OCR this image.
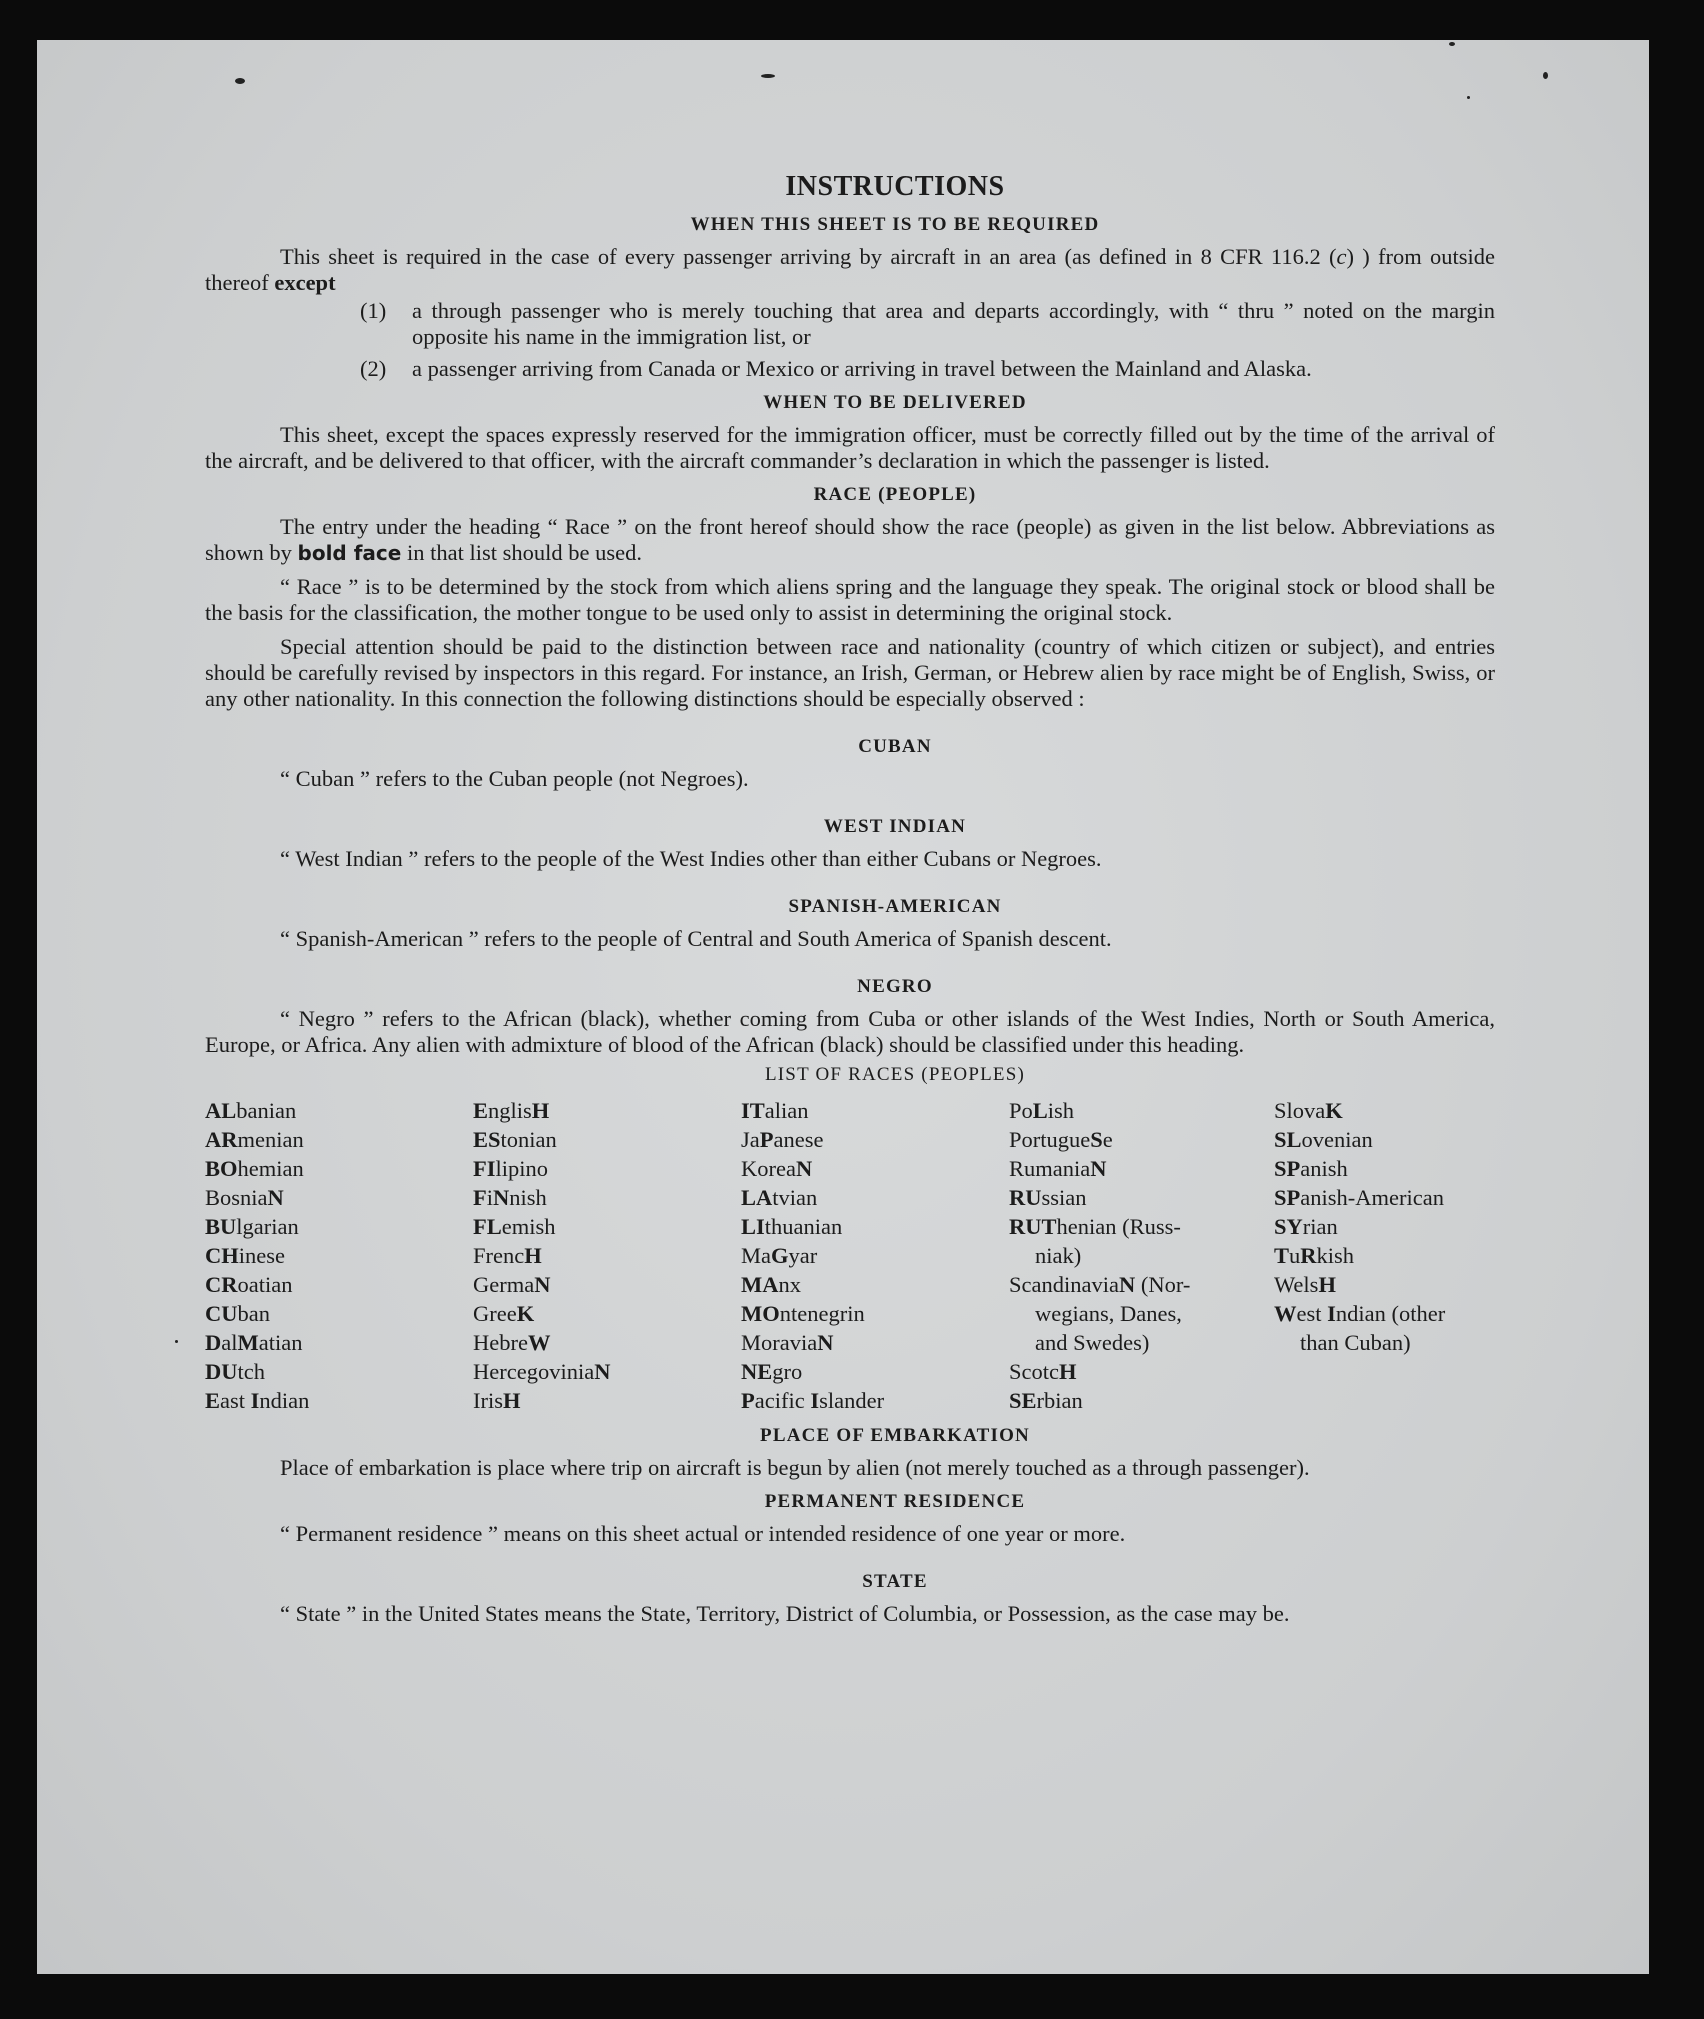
INSTRUCTIONS
WHEN THIS SHEET IS TO BE REQUIRED

This sheet is required in the case of every passenger arriving by aircraft in an area (as defined in 8 CFR 116.2 (c) ) from outside thereof except

(1)	a through passenger who is merely touching that area and departs accordingly, with “ thru ” noted on the margin opposite his name in the immigration list, or
(2)	a passenger arriving from Canada or Mexico or arriving in travel between the Mainland and Alaska.
WHEN TO BE DELIVERED

This sheet, except the spaces expressly reserved for the immigration officer, must be correctly filled out by the time of the arrival of the aircraft, and be delivered to that officer, with the aircraft commander’s declaration in which the passenger is listed.

RACE (PEOPLE)

The entry under the heading “ Race ” on the front hereof should show the race (people) as given in the list below. Abbreviations as shown by bold face in that list should be used.

“ Race ” is to be determined by the stock from which aliens spring and the language they speak. The original stock or blood shall be the basis for the classification, the mother tongue to be used only to assist in determining the original stock.

Special attention should be paid to the distinction between race and nationality (country of which citizen or subject), and entries should be carefully revised by inspectors in this regard. For instance, an Irish, German, or Hebrew alien by race might be of English, Swiss, or any other nationality. In this connection the following distinctions should be especially observed :

CUBAN

“ Cuban ” refers to the Cuban people (not Negroes).

WEST INDIAN

“ West Indian ” refers to the people of the West Indies other than either Cubans or Negroes.

SPANISH-AMERICAN

“ Spanish-American ” refers to the people of Central and South America of Spanish descent.

NEGRO

“ Negro ” refers to the African (black), whether coming from Cuba or other islands of the West Indies, North or South America, Europe, or Africa. Any alien with admixture of blood of the African (black) should be classified under this heading.

LIST OF RACES (PEOPLES)
ALbanian
ARmenian
BOhemian
BosniaN
BUlgarian
CHinese
CRoatian
CUban
DalMatian
DUtch
East Indian
EnglisH
EStonian
FIlipino
FiNnish
FLemish
FrencH
GermaN
GreeK
HebreW
HercegoviniaN
IrisH
ITalian
JaPanese
KoreaN
LAtvian
LIthuanian
MaGyar
MAnx
MOntenegrin
MoraviaN
NEgro
Pacific Islander
PoLish
PortugueSe
RumaniaN
RUssian
RUThenian (Russ-
niak)
ScandinaviaN (Nor-
wegians, Danes,
and Swedes)
ScotcH
SErbian
SlovaK
SLovenian
SPanish
SPanish-American
SYrian
TuRkish
WelsH
West Indian (other
than Cuban)
PLACE OF EMBARKATION

Place of embarkation is place where trip on aircraft is begun by alien (not merely touched as a through passenger).

PERMANENT RESIDENCE

“ Permanent residence ” means on this sheet actual or intended residence of one year or more.

STATE

“ State ” in the United States means the State, Territory, District of Columbia, or Possession, as the case may be.
